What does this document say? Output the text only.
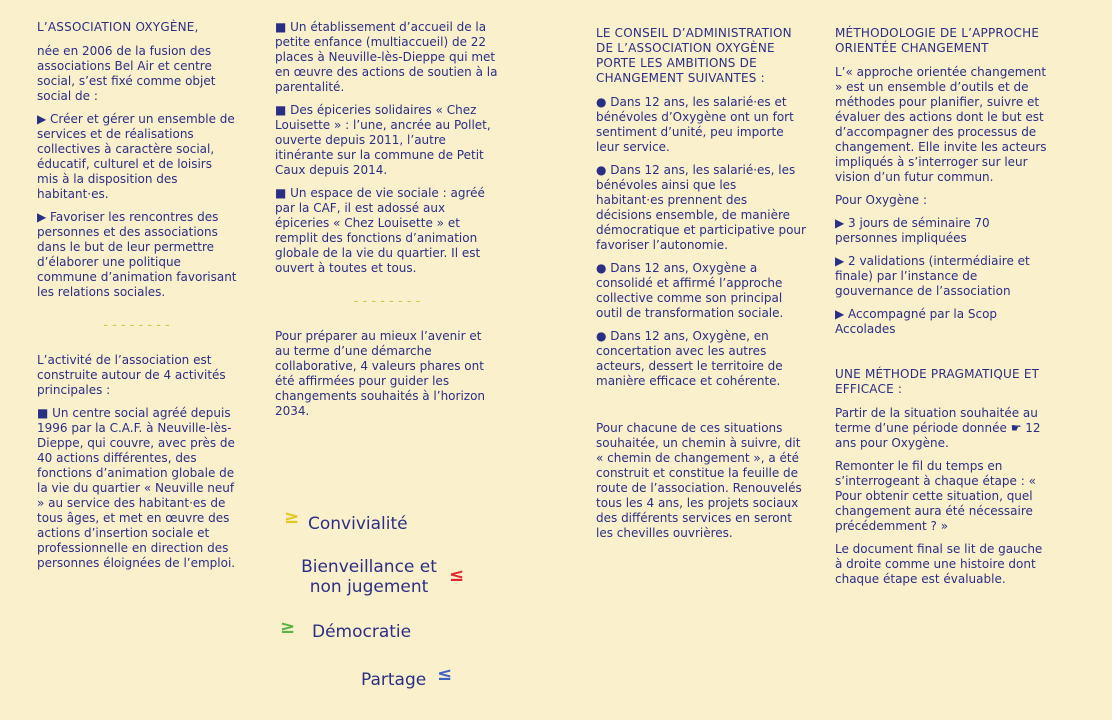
L’ASSOCIATION OXYGÈNE,

née en 2006 de la fusion des associations Bel Air et centre social, s’est fixé comme objet social de :

▶ Créer et gérer un ensemble de services et de réalisations collectives à caractère social, éducatif, culturel et de loisirs mis à la disposition des habitant·es.

▶ Favoriser les rencontres des personnes et des associations dans le but de leur permettre d’élaborer une politique commune d’animation favorisant les relations sociales.

--------

L’activité de l’association est construite autour de 4 activités principales :

■ Un centre social agréé depuis 1996 par la C.A.F. à Neuville-lès-Dieppe, qui couvre, avec près de 40 actions différentes, des fonctions d’animation globale de la vie du quartier « Neuville neuf » au service des habitant·es de tous âges, et met en œuvre des actions d’insertion sociale et professionnelle en direction des personnes éloignées de l’emploi.

■ Un établissement d’accueil de la petite enfance (multiaccueil) de 22 places à Neuville-lès-Dieppe qui met en œuvre des actions de soutien à la parentalité.

■ Des épiceries solidaires « Chez Louisette » : l’une, ancrée au Pollet, ouverte depuis 2011, l’autre itinérante sur la commune de Petit Caux depuis 2014.

■ Un espace de vie sociale : agréé par la CAF, il est adossé aux épiceries « Chez Louisette » et remplit des fonctions d’animation globale de la vie du quartier. Il est ouvert à toutes et tous.

--------

Pour préparer au mieux l’avenir et au terme d’une démarche collaborative, 4 valeurs phares ont été affirmées pour guider les changements souhaités à l’horizon 2034.

≥ Convivialité
Bienveillance et non jugement
≤
≥ Démocratie
Partage ≤

LE CONSEIL D’ADMINISTRATION DE L’ASSOCIATION OXYGÈNE PORTE LES AMBITIONS DE CHANGEMENT SUIVANTES :

● Dans 12 ans, les salarié·es et bénévoles d’Oxygène ont un fort sentiment d’unité, peu importe leur service.

● Dans 12 ans, les salarié·es, les bénévoles ainsi que les habitant·es prennent des décisions ensemble, de manière démocratique et participative pour favoriser l’autonomie.

● Dans 12 ans, Oxygène a consolidé et affirmé l’approche collective comme son principal outil de transformation sociale.

● Dans 12 ans, Oxygène, en concertation avec les autres acteurs, dessert le territoire de manière efficace et cohérente.

Pour chacune de ces situations souhaitée, un chemin à suivre, dit « chemin de changement », a été construit et constitue la feuille de route de l’association. Renouvelés tous les 4 ans, les projets sociaux des différents services en seront les chevilles ouvrières.

MÉTHODOLOGIE DE L’APPROCHE ORIENTÉE CHANGEMENT

L’« approche orientée changement » est un ensemble d’outils et de méthodes pour planifier, suivre et évaluer des actions dont le but est d’accompagner des processus de changement. Elle invite les acteurs impliqués à s’interroger sur leur vision d’un futur commun.

Pour Oxygène :

▶ 3 jours de séminaire 70 personnes impliquées

▶ 2 validations (intermédiaire et finale) par l’instance de gouvernance de l’association

▶ Accompagné par la Scop Accolades

UNE MÉTHODE PRAGMATIQUE ET EFFICACE :

Partir de la situation souhaitée au terme d’une période donnée ☛ 12 ans pour Oxygène.

Remonter le fil du temps en s’interrogeant à chaque étape : « Pour obtenir cette situation, quel changement aura été nécessaire précédemment ? »

Le document final se lit de gauche à droite comme une histoire dont chaque étape est évaluable.
